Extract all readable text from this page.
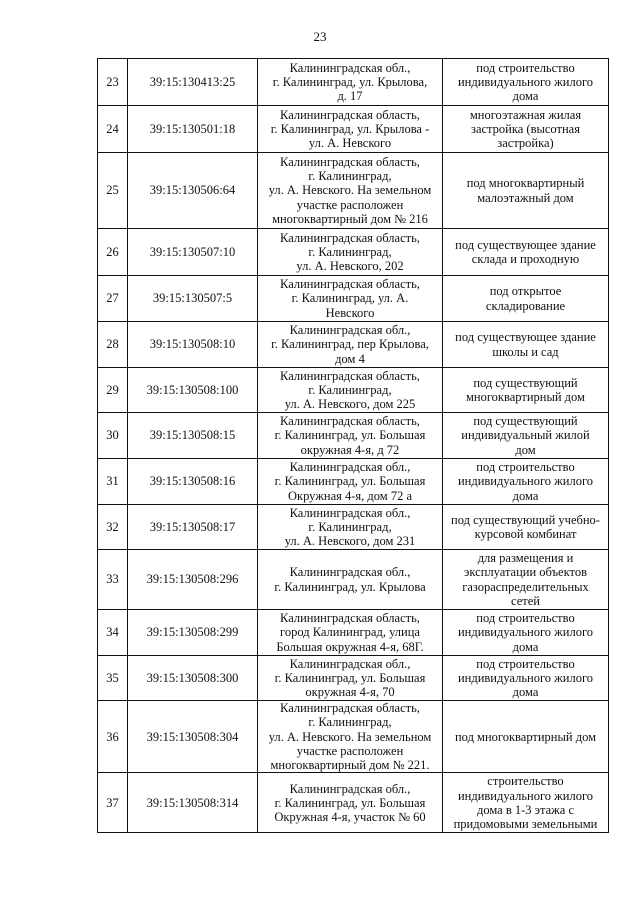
23
23	39:15:130413:25	Калининградская обл.,
г. Калининград, ул. Крылова,
д. 17	под строительство
индивидуального жилого
дома
24	39:15:130501:18	Калининградская область,
г. Калининград, ул. Крылова -
ул. А. Невского	многоэтажная жилая
застройка (высотная
застройка)
25	39:15:130506:64	Калининградская область,
г. Калининград,
ул. А. Невского. На земельном
участке расположен
многоквартирный дом № 216	под многоквартирный
малоэтажный дом
26	39:15:130507:10	Калининградская область,
г. Калининград,
ул. А. Невского, 202	под существующее здание
склада и проходную
27	39:15:130507:5	Калининградская область,
г. Калининград, ул. А.
Невского	под открытое
складирование
28	39:15:130508:10	Калининградская обл.,
г. Калининград, пер Крылова,
дом 4	под существующее здание
школы и сад
29	39:15:130508:100	Калининградская область,
г. Калининград,
ул. А. Невского, дом 225	под существующий
многоквартирный дом
30	39:15:130508:15	Калининградская область,
г. Калининград, ул. Большая
окружная 4-я, д 72	под существующий
индивидуальный жилой
дом
31	39:15:130508:16	Калининградская обл.,
г. Калининград, ул. Большая
Окружная 4-я, дом 72 а	под строительство
индивидуального жилого
дома
32	39:15:130508:17	Калининградская обл.,
г. Калининград,
ул. А. Невского, дом 231	под существующий учебно-
курсовой комбинат
33	39:15:130508:296	Калининградская обл.,
г. Калининград, ул. Крылова	для размещения и
эксплуатации объектов
газораспределительных
сетей
34	39:15:130508:299	Калининградская область,
город Калининград, улица
Большая окружная 4-я, 68Г.	под строительство
индивидуального жилого
дома
35	39:15:130508:300	Калининградская обл.,
г. Калининград, ул. Большая
окружная 4-я, 70	под строительство
индивидуального жилого
дома
36	39:15:130508:304	Калининградская область,
г. Калининград,
ул. А. Невского. На земельном
участке расположен
многоквартирный дом № 221.	под многоквартирный дом
37	39:15:130508:314	Калининградская обл.,
г. Калининград, ул. Большая
Окружная 4-я, участок № 60	строительство
индивидуального жилого
дома в 1-3 этажа с
придомовыми земельными
